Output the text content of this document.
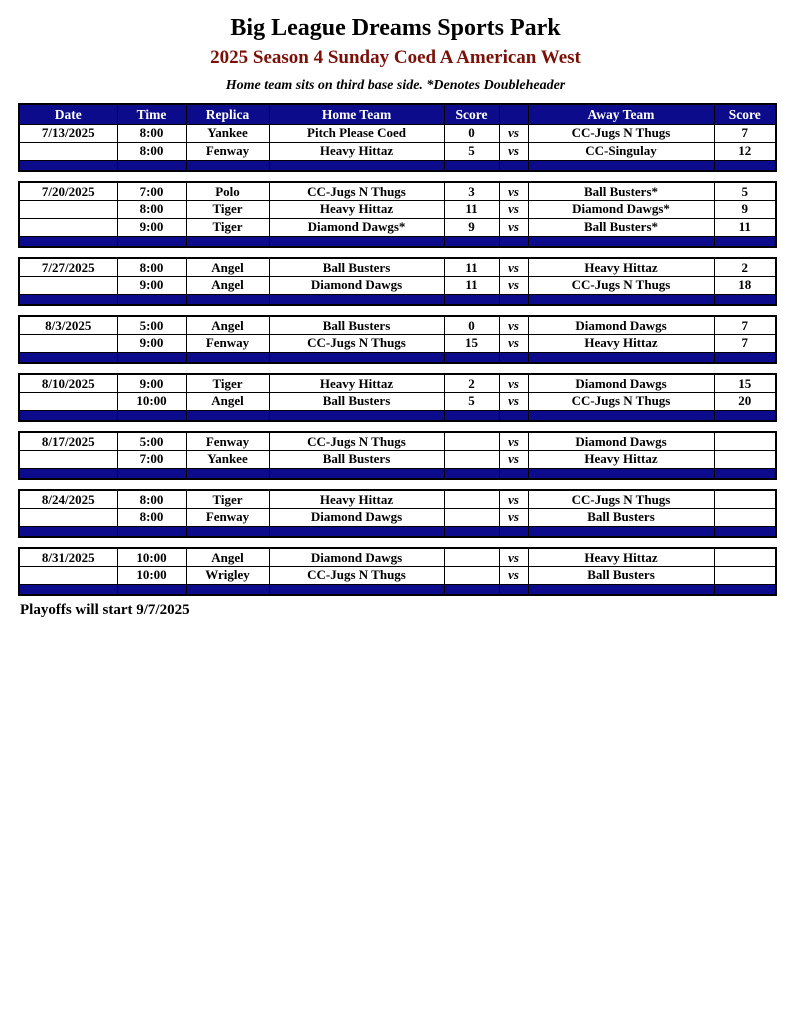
Big League Dreams Sports Park
2025 Season 4 Sunday Coed A American West
Home team sits on third base side. *Denotes Doubleheader
Date	Time	Replica	Home Team	Score		Away Team	Score
7/13/2025	8:00	Yankee	Pitch Please Coed	0	vs	CC-Jugs N Thugs	7
	8:00	Fenway	Heavy Hittaz	5	vs	CC-Singulay	12

7/20/2025	7:00	Polo	CC-Jugs N Thugs	3	vs	Ball Busters*	5
	8:00	Tiger	Heavy Hittaz	11	vs	Diamond Dawgs*	9
	9:00	Tiger	Diamond Dawgs*	9	vs	Ball Busters*	11

7/27/2025	8:00	Angel	Ball Busters	11	vs	Heavy Hittaz	2
	9:00	Angel	Diamond Dawgs	11	vs	CC-Jugs N Thugs	18

8/3/2025	5:00	Angel	Ball Busters	0	vs	Diamond Dawgs	7
	9:00	Fenway	CC-Jugs N Thugs	15	vs	Heavy Hittaz	7

8/10/2025	9:00	Tiger	Heavy Hittaz	2	vs	Diamond Dawgs	15
	10:00	Angel	Ball Busters	5	vs	CC-Jugs N Thugs	20

8/17/2025	5:00	Fenway	CC-Jugs N Thugs		vs	Diamond Dawgs	
	7:00	Yankee	Ball Busters		vs	Heavy Hittaz	

8/24/2025	8:00	Tiger	Heavy Hittaz		vs	CC-Jugs N Thugs	
	8:00	Fenway	Diamond Dawgs		vs	Ball Busters	

8/31/2025	10:00	Angel	Diamond Dawgs		vs	Heavy Hittaz	
	10:00	Wrigley	CC-Jugs N Thugs		vs	Ball Busters	

Playoffs will start 9/7/2025
